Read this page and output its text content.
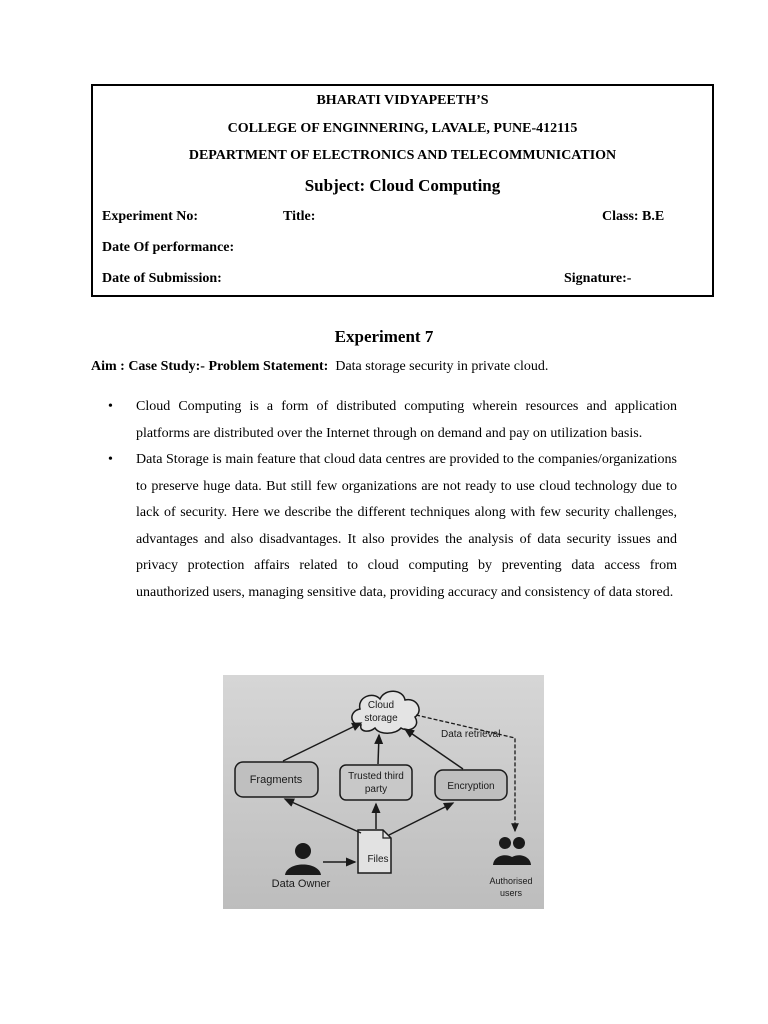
BHARATI VIDYAPEETH’S
COLLEGE OF ENGINNERING, LAVALE, PUNE-412115
DEPARTMENT OF ELECTRONICS AND TELECOMMUNICATION
Subject: Cloud Computing
Experiment No:	Title:	Class: B.E
Date Of performance:
Date of Submission:	Signature:-
Experiment 7
Aim : Case Study:- Problem Statement: Data storage security in private cloud.
• Cloud Computing is a form of distributed computing wherein resources and application platforms are distributed over the Internet through on demand and pay on utilization basis.
• Data Storage is main feature that cloud data centres are provided to the companies/organizations to preserve huge data. But still few organizations are not ready to use cloud technology due to lack of security. Here we describe the different techniques along with few security challenges, advantages and also disadvantages. It also provides the analysis of data security issues and privacy protection affairs related to cloud computing by preventing data access from unauthorized users, managing sensitive data, providing accuracy and consistency of data stored.
Cloud
storage
Fragments	Trusted third
party	Encryption
Data retrieval
Files
Data Owner	Authorised
users
